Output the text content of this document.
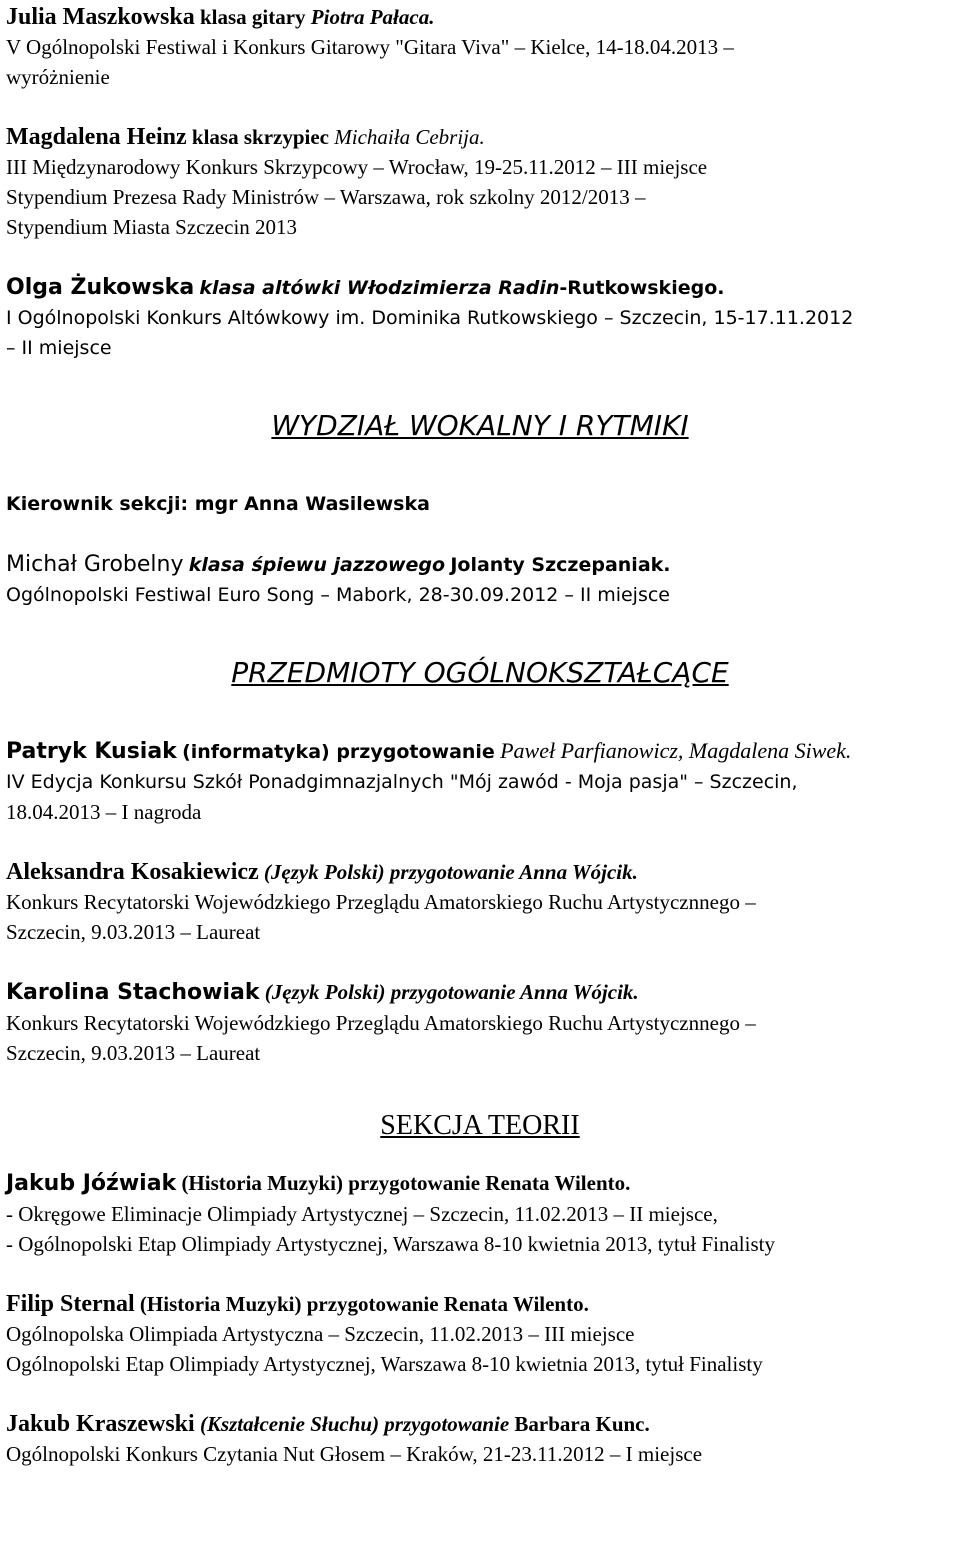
Julia Maszkowska klasa gitary Piotra Pałaca.

V Ogólnopolski Festiwal i Konkurs Gitarowy "Gitara Viva" – Kielce, 14-18.04.2013 –

wyróżnienie

Magdalena Heinz klasa skrzypiec Michaiła Cebrija.

III Międzynarodowy Konkurs Skrzypcowy – Wrocław, 19-25.11.2012 – III miejsce

Stypendium Prezesa Rady Ministrów – Warszawa, rok szkolny 2012/2013 –

Stypendium Miasta Szczecin 2013

Olga Żukowska klasa altówki Włodzimierza Radin-Rutkowskiego.

I Ogólnopolski Konkurs Altówkowy im. Dominika Rutkowskiego – Szczecin, 15-17.11.2012

– II miejsce

WYDZIAŁ WOKALNY I RYTMIKI

Kierownik sekcji: mgr Anna Wasilewska

Michał Grobelny klasa śpiewu jazzowego Jolanty Szczepaniak.

Ogólnopolski Festiwal Euro Song – Mabork, 28-30.09.2012 – II miejsce

PRZEDMIOTY OGÓLNOKSZTAŁCĄCE

Patryk Kusiak (informatyka) przygotowanie Paweł Parfianowicz, Magdalena Siwek.

IV Edycja Konkursu Szkół Ponadgimnazjalnych "Mój zawód - Moja pasja" – Szczecin,

18.04.2013 – I nagroda

Aleksandra Kosakiewicz (Język Polski) przygotowanie Anna Wójcik.

Konkurs Recytatorski Wojewódzkiego Przeglądu Amatorskiego Ruchu Artystycznnego –

Szczecin, 9.03.2013 – Laureat

Karolina Stachowiak (Język Polski) przygotowanie Anna Wójcik.

Konkurs Recytatorski Wojewódzkiego Przeglądu Amatorskiego Ruchu Artystycznnego –

Szczecin, 9.03.2013 – Laureat

SEKCJA TEORII

Jakub Jóźwiak (Historia Muzyki) przygotowanie Renata Wilento.

- Okręgowe Eliminacje Olimpiady Artystycznej – Szczecin, 11.02.2013 – II miejsce,

- Ogólnopolski Etap Olimpiady Artystycznej, Warszawa 8-10 kwietnia 2013, tytuł Finalisty

Filip Sternal (Historia Muzyki) przygotowanie Renata Wilento.

Ogólnopolska Olimpiada Artystyczna – Szczecin, 11.02.2013 – III miejsce

Ogólnopolski Etap Olimpiady Artystycznej, Warszawa 8-10 kwietnia 2013, tytuł Finalisty

Jakub Kraszewski (Kształcenie Słuchu) przygotowanie Barbara Kunc.

Ogólnopolski Konkurs Czytania Nut Głosem – Kraków, 21-23.11.2012 – I miejsce
